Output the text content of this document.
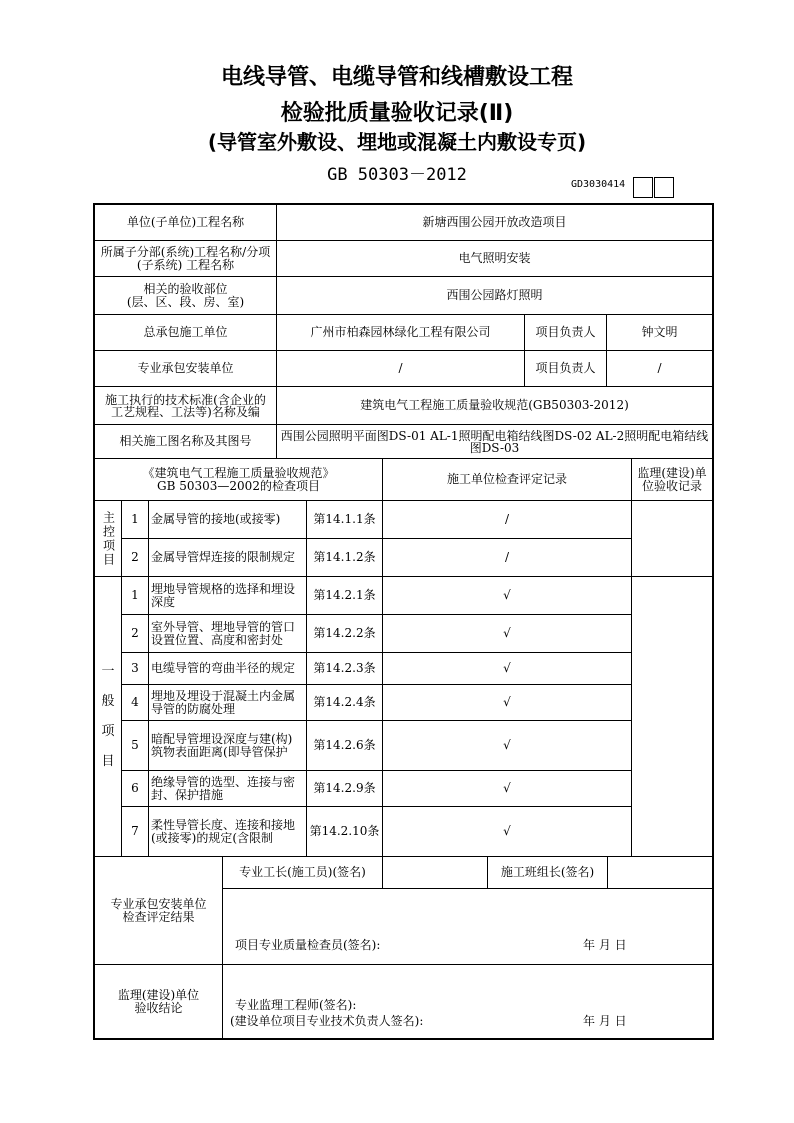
电线导管、电缆导管和线槽敷设工程
检验批质量验收记录(Ⅱ)
(导管室外敷设、埋地或混凝土内敷设专页)
GB 50303－2012	GD3030414
单位(子单位)工程名称	新塘西围公园开放改造项目
所属子分部(系统)工程名称/分项(子系统) 工程名称	电气照明安装
相关的验收部位
(层、区、段、房、室)	西围公园路灯照明
总承包施工单位	广州市柏森园林绿化工程有限公司	项目负责人	钟文明
专业承包安装单位	/	项目负责人	/
施工执行的技术标准(含企业的
工艺规程、工法等)名称及编	建筑电气工程施工质量验收规范(GB50303-2012)
相关施工图名称及其图号	西围公园照明平面图DS-01 AL-1照明配电箱结线图DS-02 AL-2照明配电箱结线图DS-03
《建筑电气工程施工质量验收规范》
GB 50303—2002的检查项目	施工单位检查评定记录	监理(建设)单位验收记录
主控项目	1	金属导管的接地(或接零)	第14.1.1条	/
2	金属导管焊连接的限制规定	第14.1.2条	/
一

般

项

目
1	埋地导管规格的选择和埋设
深度	第14.2.1条	√
2	室外导管、埋地导管的管口
设置位置、高度和密封处	第14.2.2条	√
3	电缆导管的弯曲半径的规定	第14.2.3条	√
4	埋地及埋设于混凝土内金属
导管的防腐处理	第14.2.4条	√
5	暗配导管埋设深度与建(构)
筑物表面距离(即导管保护	第14.2.6条	√
6	绝缘导管的选型、连接与密
封、保护措施	第14.2.9条	√
7	柔性导管长度、连接和接地
(或接零)的规定(含限制	第14.2.10条	√
专业承包安装单位
检查评定结果
专业工长(施工员)(签名)	施工班组长(签名)
项目专业质量检查员(签名):	年 月 日
监理(建设)单位
验收结论	专业监理工程师(签名):
(建设单位项目专业技术负责人签名):	年 月 日
